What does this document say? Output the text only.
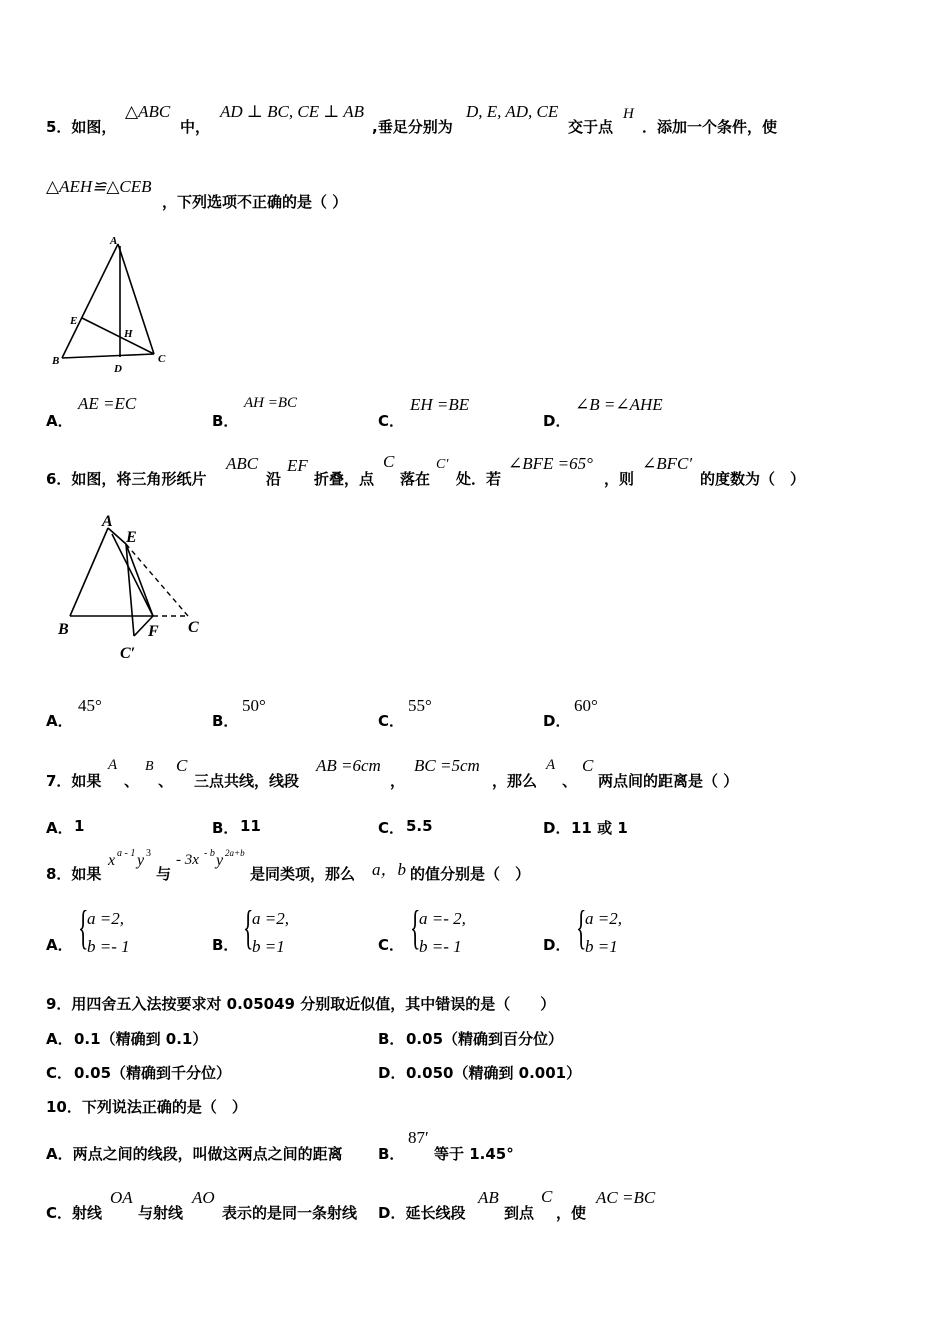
5．如图，
△ABC
中，
AD ⊥ BC, CE ⊥ AB
,垂足分别为
D, E, AD, CE
交于点
H
．添加一个条件，使
△AEH≌△CEB
，下列选项不正确的是（ ）
A
E
H
B
D
C
A．
AE =EC
B．
AH =BC
C．
EH =BE
D．
∠B =∠AHE
6．如图，将三角形纸片
ABC
沿
EF
折叠，点
C
落在
C′
处．若
∠BFE =65°
，则
∠BFC′
的度数为（　）
A
E
B	F C
C′
A．
45°
B．
50°
C．
55°
D．
60°
7．如果
A
、
B
、
C
三点共线，线段
AB =6cm
，
BC =5cm
，那么
A
、
C
两点间的距离是（ ）
A． 1	B． 11	C． 5.5	D． 11 或 1
8．如果
x a - 1 y 3
与
- 3x - b y 2a+b
是同类项，那么 a，b 的值分别是（　）
A． {
a =2,
b =- 1	B． {
a =2,
b =1	C． {
a =- 2,
b =- 1	D． {
a =2,
b =1
9．用四舍五入法按要求对 0.05049 分别取近似值，其中错误的是（　　）
A． 0.1（精确到 0.1）	B． 0.05（精确到百分位）
C． 0.05（精确到千分位）	D． 0.050（精确到 0.001）
10．下列说法正确的是（　）
A．两点之间的线段，叫做这两点之间的距离 B．
87′
等于 1.45°
C．射线
OA
与射线
AO
表示的是同一条射线 D．延长线段
AB
到点
C
，使
AC =BC
